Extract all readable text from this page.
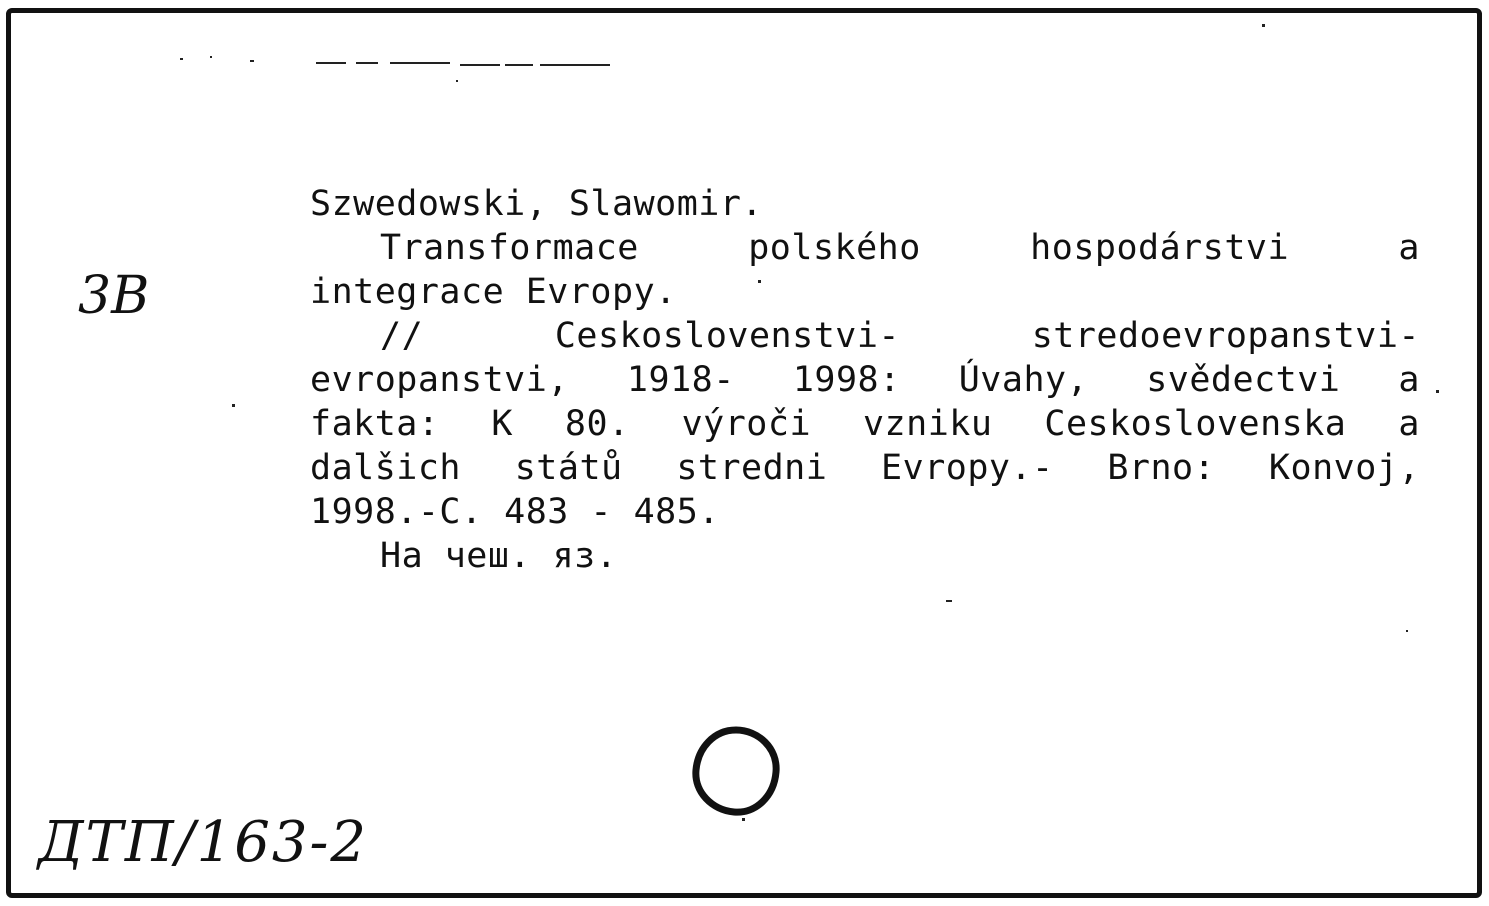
3B
Szwedowski, Slawomir.
Transformace	polského	hospodárstvi	a
integrace Evropy.
//	Ceskoslovenstvi-	stredoevropanstvi-
evropanstvi, 1918- 1998: Úvahy, svědectvi a
fakta: K 80. výroči vzniku Ceskoslovenska a
dalšich států stredni Evropy.- Brno: Konvoj,
1998.-C. 483 - 485.
На чеш. яз.
ДТП/163-2
